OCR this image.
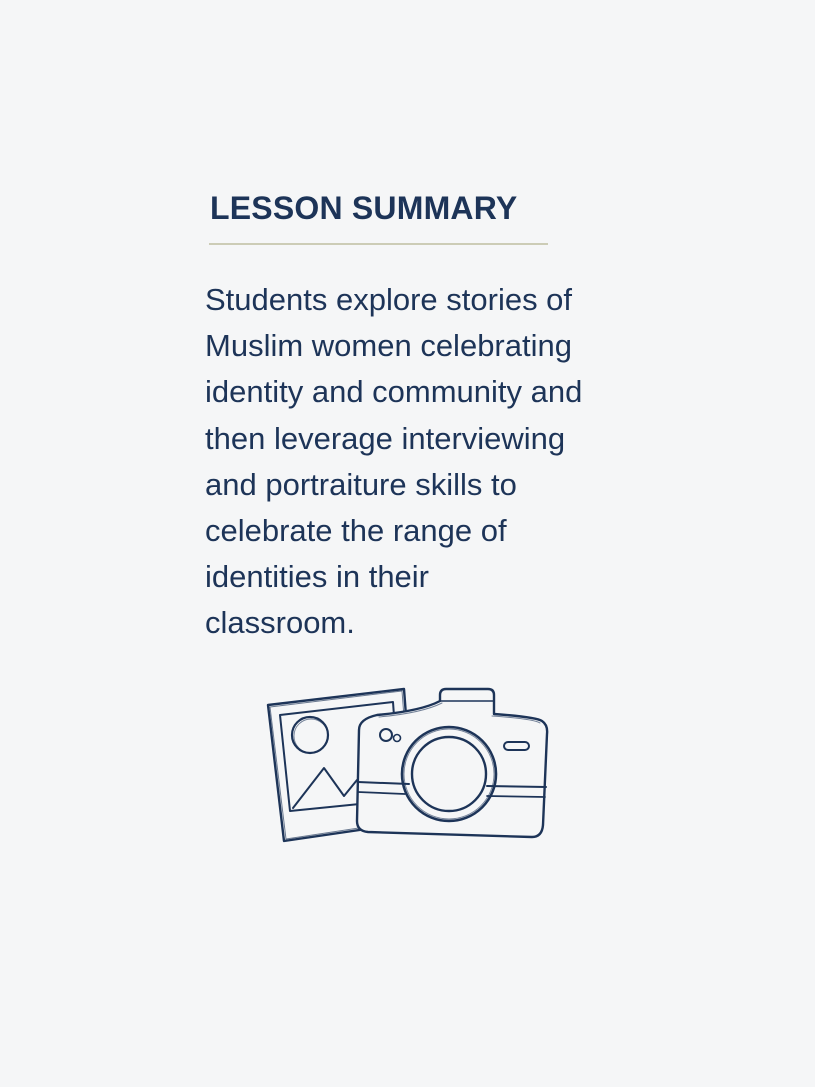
LESSON SUMMARY
Students explore stories of
Muslim women celebrating
identity and community and
then leverage interviewing
and portraiture skills to
celebrate the range of
identities in their
classroom.
